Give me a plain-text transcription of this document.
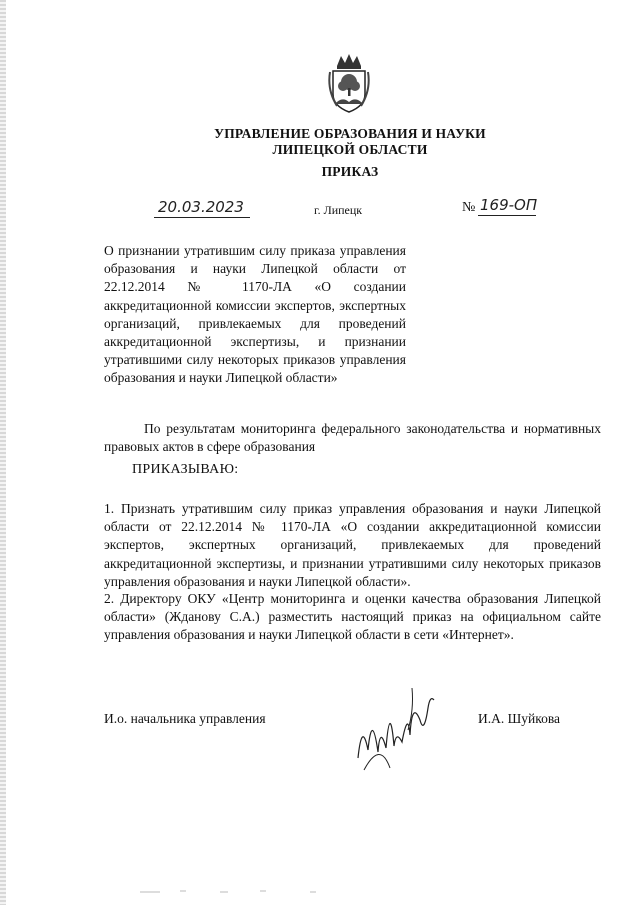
УПРАВЛЕНИЕ ОБРАЗОВАНИЯ И НАУКИ
ЛИПЕЦКОЙ ОБЛАСТИ
ПРИКАЗ
20.03.2023	г. Липецк	№ 169-ОП
О признании утратившим силу приказа управления образования и науки Липецкой области от 22.12.2014 № 1170-ЛА «О создании аккредитационной комиссии экспертов, экспертных организаций, привлекаемых для проведений аккредитационной экспертизы, и признании утратившими силу некоторых приказов управления образования и науки Липецкой области»
По результатам мониторинга федерального законодательства и нормативных правовых актов в сфере образования
ПРИКАЗЫВАЮ:
1. Признать утратившим силу приказ управления образования и науки Липецкой области от 22.12.2014 № 1170-ЛА «О создании аккредитационной комиссии экспертов, экспертных организаций, привлекаемых для проведений аккредитационной экспертизы, и признании утратившими силу некоторых приказов управления образования и науки Липецкой области».
2. Директору ОКУ «Центр мониторинга и оценки качества образования Липецкой области» (Жданову С.А.) разместить настоящий приказ на официальном сайте управления образования и науки Липецкой области в сети «Интернет».
И.о. начальника управления	И.А. Шуйкова
